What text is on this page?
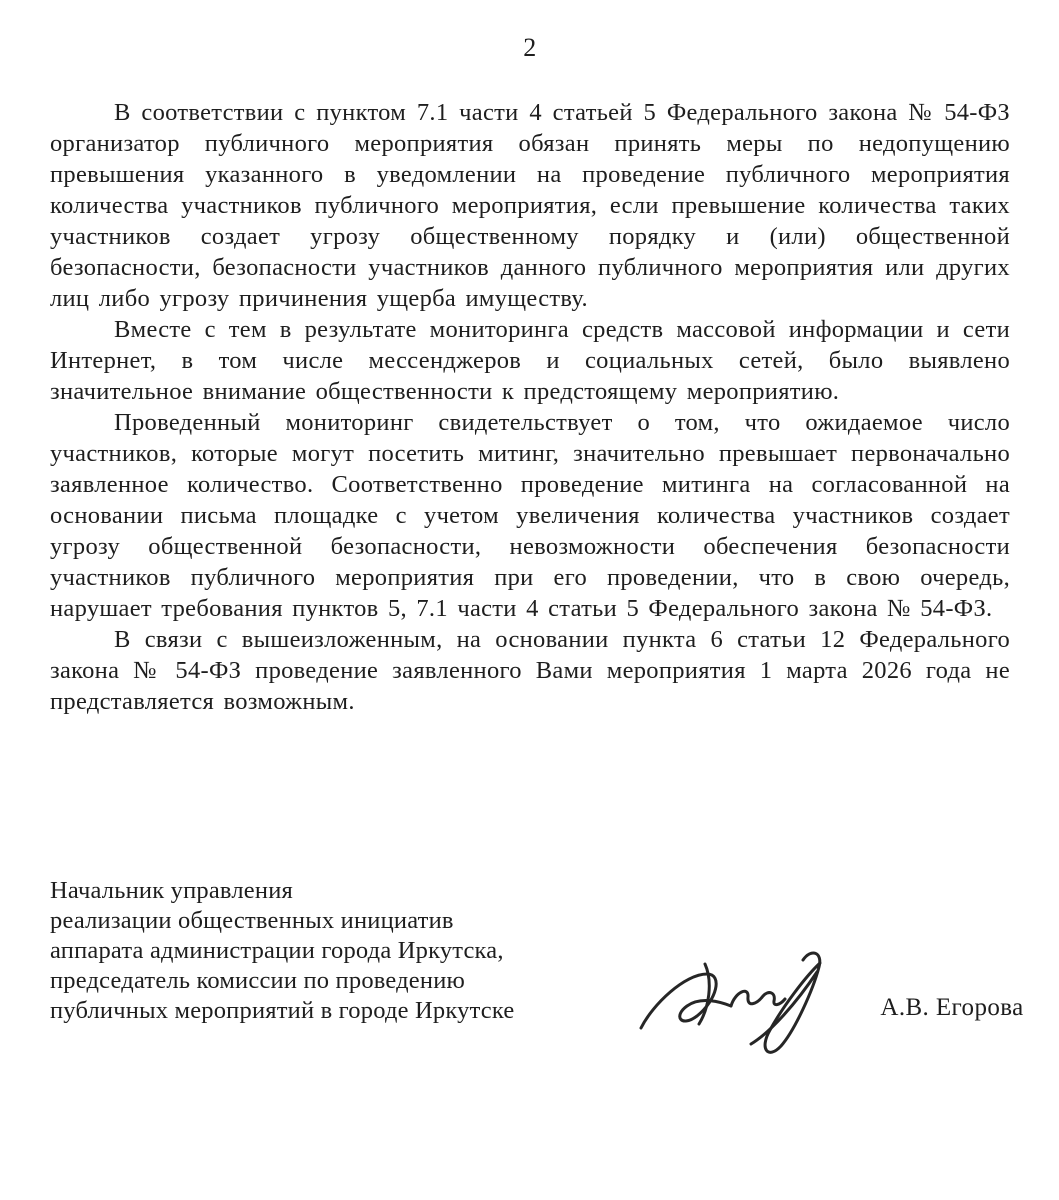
2

В соответствии с пунктом 7.1 части 4 статьей 5 Федерального закона № 54-ФЗ организатор публичного мероприятия обязан принять меры по недопущению превышения указанного в уведомлении на проведение публичного мероприятия количества участников публичного мероприятия, если превышение количества таких участников создает угрозу общественному порядку и (или) общественной безопасности, безопасности участников данного публичного мероприятия или других лиц либо угрозу причинения ущерба имуществу.

Вместе с тем в результате мониторинга средств массовой информации и сети Интернет, в том числе мессенджеров и социальных сетей, было выявлено значительное внимание общественности к предстоящему мероприятию.

Проведенный мониторинг свидетельствует о том, что ожидаемое число участников, которые могут посетить митинг, значительно превышает первоначально заявленное количество. Соответственно проведение митинга на согласованной на основании письма площадке с учетом увеличения количества участников создает угрозу общественной безопасности, невозможности обеспечения безопасности участников публичного мероприятия при его проведении, что в свою очередь, нарушает требования пунктов 5, 7.1 части 4 статьи 5 Федерального закона № 54-ФЗ.

В связи с вышеизложенным, на основании пункта 6 статьи 12 Федерального закона № 54-ФЗ проведение заявленного Вами мероприятия 1 марта 2026 года не представляется возможным.

Начальник управления
реализации общественных инициатив
аппарата администрации города Иркутска,
председатель комиссии по проведению
публичных мероприятий в городе Иркутске	А.В. Егорова
